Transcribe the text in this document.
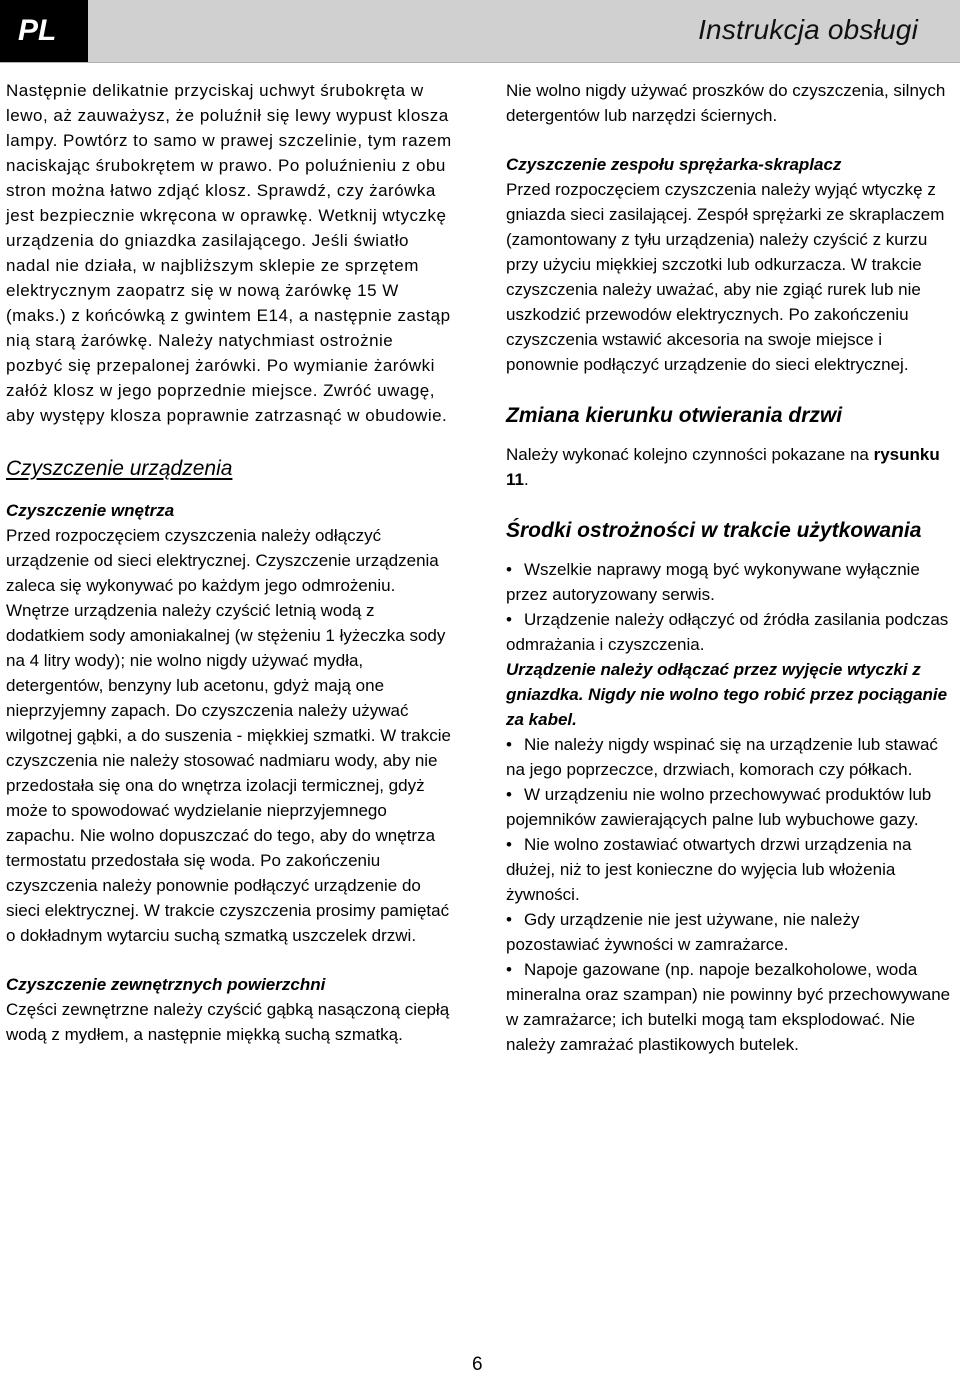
PL	Instrukcja obsługi

Następnie delikatnie przyciskaj uchwyt śrubokręta w lewo, aż zauważysz, że poluźnił się lewy wypust klosza lampy. Powtórz to samo w prawej szczelinie, tym razem naciskając śrubokrętem w prawo. Po poluźnieniu z obu stron można łatwo zdjąć klosz. Sprawdź, czy żarówka jest bezpiecznie wkręcona w oprawkę. Wetknij wtyczkę urządzenia do gniazdka zasilającego. Jeśli światło nadal nie działa, w najbliższym sklepie ze sprzętem elektrycznym zaopatrz się w nową żarówkę 15 W (maks.) z końcówką z gwintem E14, a następnie zastąp nią starą żarówkę. Należy natychmiast ostrożnie pozbyć się przepalonej żarówki. Po wymianie żarówki załóż klosz w jego poprzednie miejsce. Zwróć uwagę, aby występy klosza poprawnie zatrzasnąć w obudowie.

Czyszczenie urządzenia

Czyszczenie wnętrza

Przed rozpoczęciem czyszczenia należy odłączyć urządzenie od sieci elektrycznej. Czyszczenie urządzenia zaleca się wykonywać po każdym jego odmrożeniu. Wnętrze urządzenia należy czyścić letnią wodą z dodatkiem sody amoniakalnej (w stężeniu 1 łyżeczka sody na 4 litry wody); nie wolno nigdy używać mydła, detergentów, benzyny lub acetonu, gdyż mają one nieprzyjemny zapach. Do czyszczenia należy używać wilgotnej gąbki, a do suszenia - miękkiej szmatki. W trakcie czyszczenia nie należy stosować nadmiaru wody, aby nie przedostała się ona do wnętrza izolacji termicznej, gdyż może to spowodować wydzielanie nieprzyjemnego zapachu. Nie wolno dopuszczać do tego, aby do wnętrza termostatu przedostała się woda. Po zakończeniu czyszczenia należy ponownie podłączyć urządzenie do sieci elektrycznej. W trakcie czyszczenia prosimy pamiętać o dokładnym wytarciu suchą szmatką uszczelek drzwi.

Czyszczenie zewnętrznych powierzchni

Części zewnętrzne należy czyścić gąbką nasączoną ciepłą wodą z mydłem, a następnie miękką suchą szmatką.

Nie wolno nigdy używać proszków do czyszczenia, silnych detergentów lub narzędzi ściernych.

Czyszczenie zespołu sprężarka-skraplacz

Przed rozpoczęciem czyszczenia należy wyjąć wtyczkę z gniazda sieci zasilającej. Zespół sprężarki ze skraplaczem (zamontowany z tyłu urządzenia) należy czyścić z kurzu przy użyciu miękkiej szczotki lub odkurzacza. W trakcie czyszczenia należy uważać, aby nie zgiąć rurek lub nie uszkodzić przewodów elektrycznych. Po zakończeniu czyszczenia wstawić akcesoria na swoje miejsce i ponownie podłączyć urządzenie do sieci elektrycznej.

Zmiana kierunku otwierania drzwi

Należy wykonać kolejno czynności pokazane na rysunku 11.

Środki ostrożności w trakcie użytkowania
• Wszelkie naprawy mogą być wykonywane wyłącznie przez autoryzowany serwis.
• Urządzenie należy odłączyć od źródła zasilania podczas odmrażania i czyszczenia.

Urządzenie należy odłączać przez wyjęcie wtyczki z gniazdka. Nigdy nie wolno tego robić przez pociąganie za kabel.

• Nie należy nigdy wspinać się na urządzenie lub stawać na jego poprzeczce, drzwiach, komorach czy półkach.
• W urządzeniu nie wolno przechowywać produktów lub pojemników zawierających palne lub wybuchowe gazy.
• Nie wolno zostawiać otwartych drzwi urządzenia na dłużej, niż to jest konieczne do wyjęcia lub włożenia żywności.
• Gdy urządzenie nie jest używane, nie należy pozostawiać żywności w zamrażarce.
• Napoje gazowane (np. napoje bezalkoholowe, woda mineralna oraz szampan) nie powinny być przechowywane w zamrażarce; ich butelki mogą tam eksplodować. Nie należy zamrażać plastikowych butelek.
6
